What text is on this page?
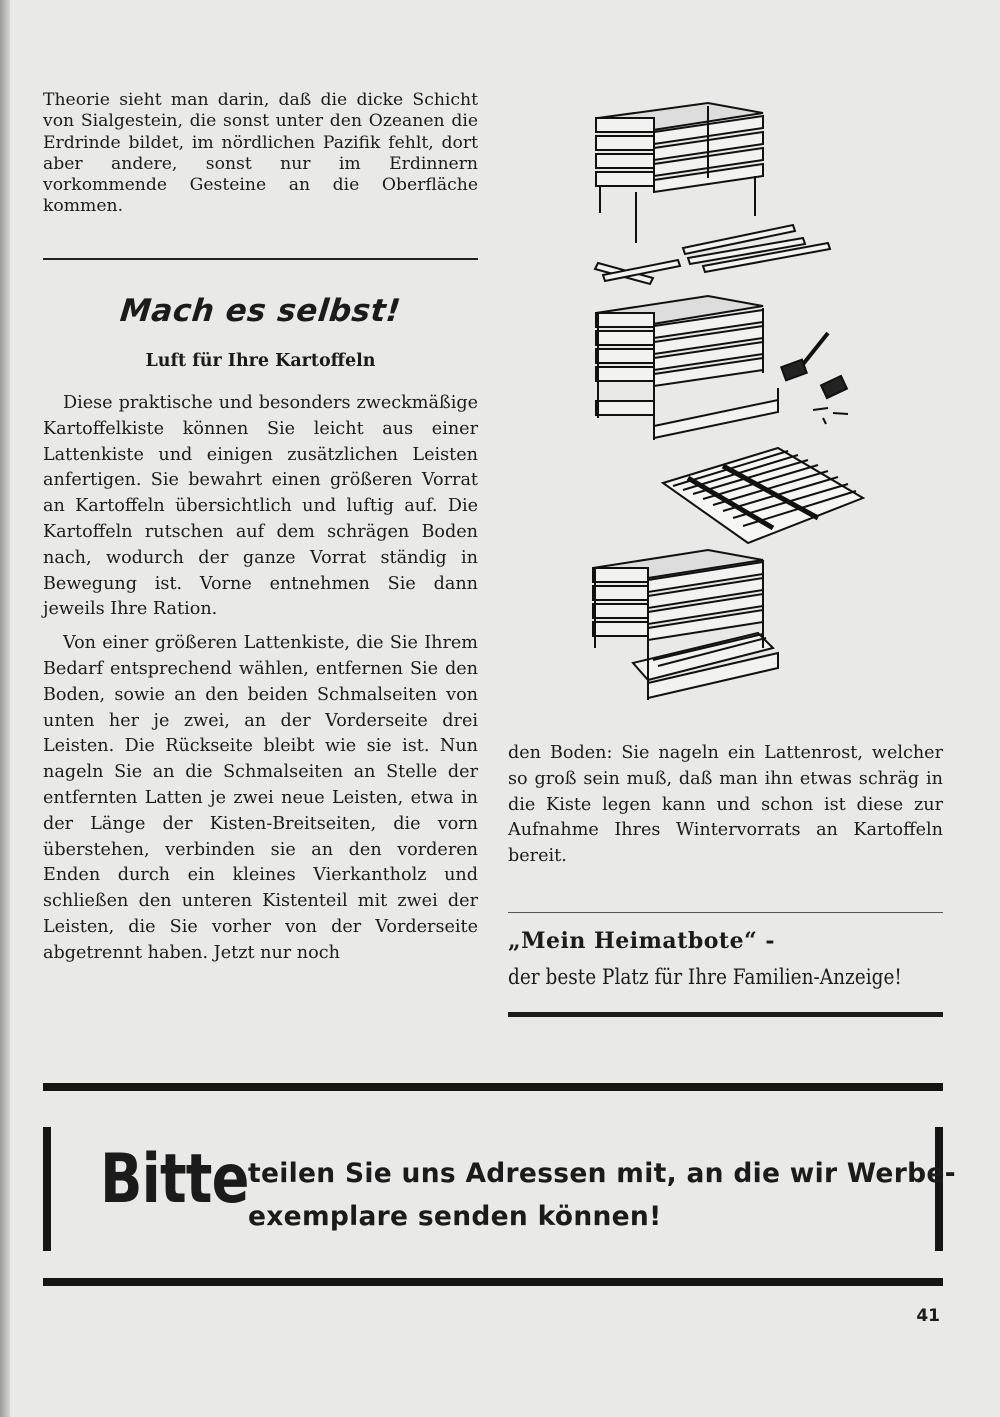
Theorie sieht man darin, daß die dicke Schicht von Sialgestein, die sonst unter den Ozeanen die Erdrinde bildet, im nördlichen Pazifik fehlt, dort aber andere, sonst nur im Erdinnern vorkommende Gesteine an die Oberfläche kommen.

Mach es selbst!
Luft für Ihre Kartoffeln

Diese praktische und besonders zweckmäßige Kartoffelkiste können Sie leicht aus einer Lattenkiste und einigen zusätzlichen Leisten anfertigen. Sie bewahrt einen größeren Vorrat an Kartoffeln übersichtlich und luftig auf. Die Kartoffeln rutschen auf dem schrägen Boden nach, wodurch der ganze Vorrat ständig in Bewegung ist. Vorne entnehmen Sie dann jeweils Ihre Ration.

Von einer größeren Lattenkiste, die Sie Ihrem Bedarf entsprechend wählen, entfernen Sie den Boden, sowie an den beiden Schmalseiten von unten her je zwei, an der Vorderseite drei Leisten. Die Rückseite bleibt wie sie ist. Nun nageln Sie an die Schmalseiten an Stelle der entfernten Latten je zwei neue Leisten, etwa in der Länge der Kisten-Breitseiten, die vorn überstehen, verbinden sie an den vorderen Enden durch ein kleines Vierkantholz und schließen den unteren Kistenteil mit zwei der Leisten, die Sie vorher von der Vorderseite abgetrennt haben. Jetzt nur noch

den Boden: Sie nageln ein Lattenrost, welcher so groß sein muß, daß man ihn etwas schräg in die Kiste legen kann und schon ist diese zur Aufnahme Ihres Wintervorrats an Kartoffeln bereit.

„Mein Heimatbote“ -

der beste Platz für Ihre Familien-Anzeige!

Bitte teilen Sie uns Adressen mit, an die wir Werbe-
exemplare senden können!

41
